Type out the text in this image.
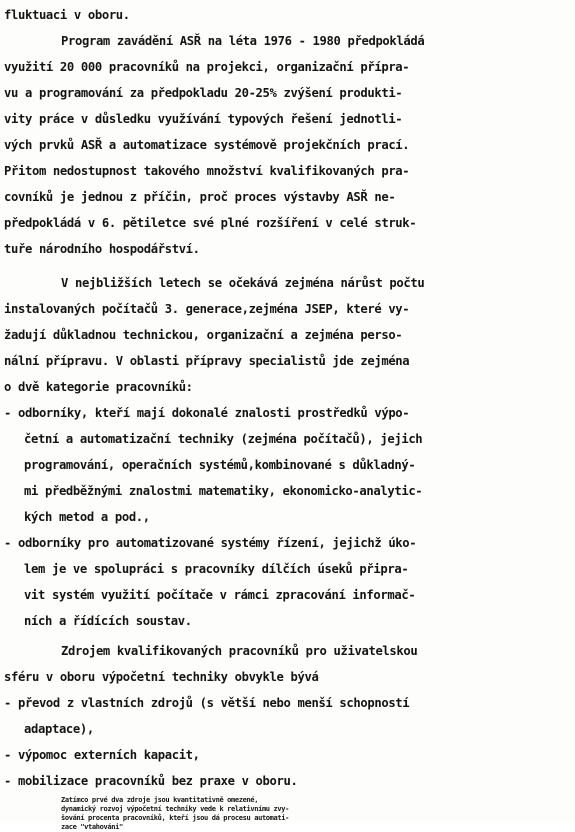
fluktuaci v oboru.
Program zavádění ASŘ na léta 1976 - 1980 předpokládá
využití 20 000 pracovníků na projekci, organizační přípra-
vu a programování za předpokladu 20-25% zvýšení produkti-
vity práce v důsledku využívání typových řešení jednotli-
vých prvků ASŘ a automatizace systémově projekčních prací.
Přitom nedostupnost takového množství kvalifikovaných pra-
covníků je jednou z příčin, proč proces výstavby ASŘ ne-
předpokládá v 6. pětiletce své plné rozšíření v celé struk-
tuře národního hospodářství.
V nejbližších letech se očekává zejména nárůst počtu
instalovaných počítačů 3. generace,zejména JSEP, které vy-
žadují důkladnou technickou, organizační a zejména perso-
nální přípravu. V oblasti přípravy specialistů jde zejména
o dvě kategorie pracovníků:
- odborníky, kteří mají dokonalé znalosti prostředků výpo-
četní a automatizační techniky (zejména počítačů), jejich
programování, operačních systémů,kombinované s důkladný-
mi předběžnými znalostmi matematiky, ekonomicko-analytic-
kých metod a pod.,
- odborníky pro automatizované systémy řízení, jejichž úko-
lem je ve spolupráci s pracovníky dílčích úseků připra-
vit systém využití počítače v rámci zpracování informač-
ních a řídících soustav.
Zdrojem kvalifikovaných pracovníků pro uživatelskou
sféru v oboru výpočetní techniky obvykle bývá
- převod z vlastních zdrojů (s větší nebo menší schopností
adaptace),
- výpomoc externích kapacit,
- mobilizace pracovníků bez praxe v oboru.
Zatímco prvé dva zdroje jsou kvantitativně omezené,
dynamický rozvoj výpočetní techniky vede k relativnímu zvy-
šování procenta pracovníků, kteří jsou dá procesu automati-
zace "vtahováni"
